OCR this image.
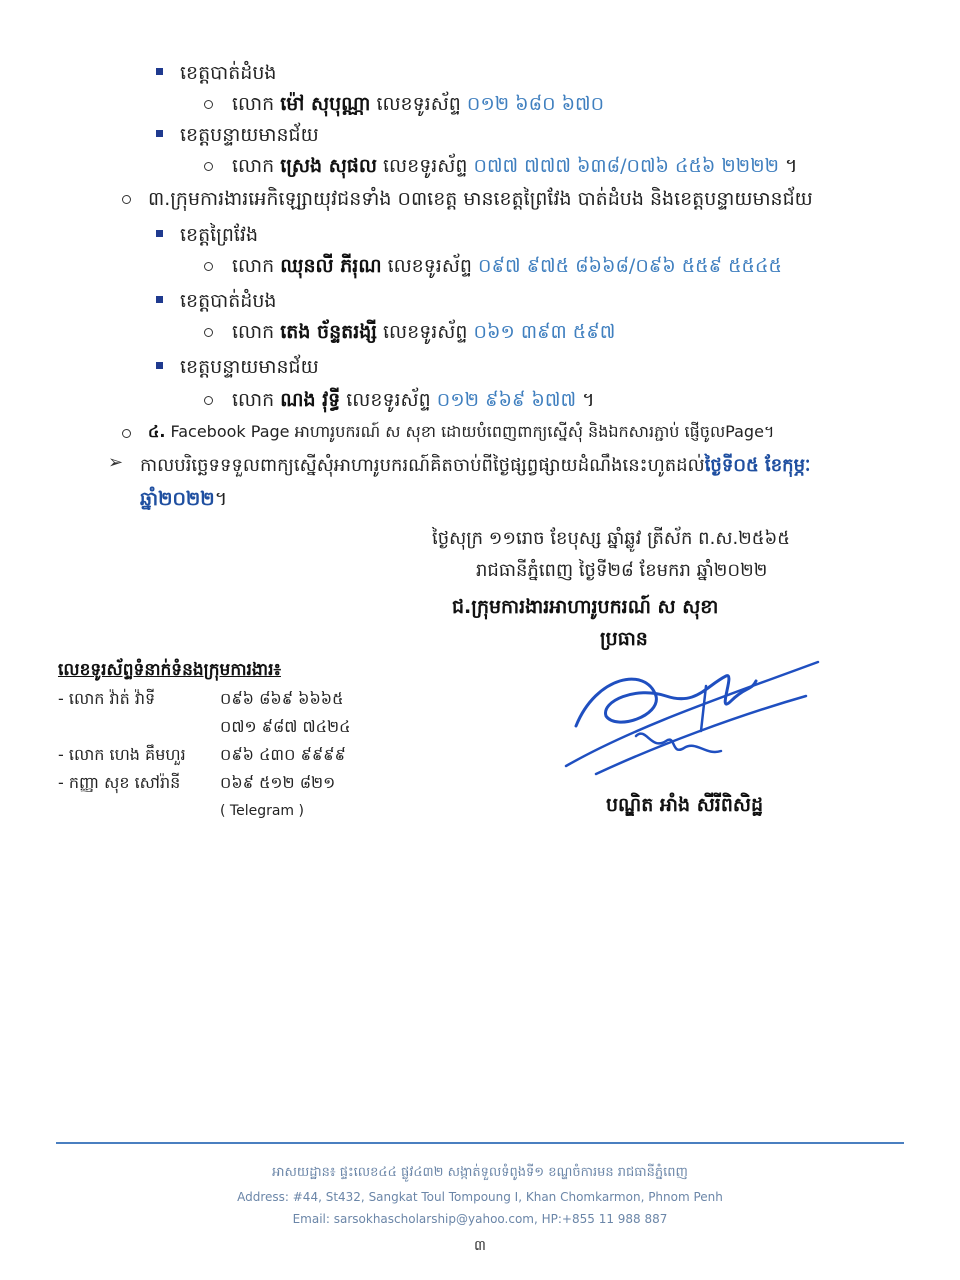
ខេត្តបាត់ដំបង
លោក ម៉ៅ សុបុណ្ណា លេខទូរស័ព្ទ ០១២ ៦៨០ ៦៧០
ខេត្តបន្ទាយមានជ័យ
លោក ស្រេង សុផល លេខទូរស័ព្ទ ០៧៧ ៧៧៧ ៦៣៨/០៧៦ ៤៥៦ ២២២២ ។
៣.ក្រុមការងារអេកិឡ្សោយុវជនទាំង ០៣ខេត្ត មានខេត្តព្រៃវែង បាត់ដំបង និងខេត្តបន្ទាយមានជ័យ
ខេត្តព្រៃវែង
លោក ឈុនលី ភីរុណ លេខទូរស័ព្ទ ០៩៧ ៩៧៥ ៨៦៦៨/០៩៦ ៥៥៩ ៥៥៤៥
ខេត្តបាត់ដំបង
លោក តេង ច័ន្ទតរង្សី លេខទូរស័ព្ទ ០៦១ ៣៩៣ ៥៩៧
ខេត្តបន្ទាយមានជ័យ
លោក ណង វុទ្ធី លេខទូរស័ព្ទ ០១២ ៩៦៩ ៦៧៧ ។
៤. Facebook Page អាហារូបករណ៍ ស សុខា ដោយបំពេញពាក្យស្នើសុំ និងឯកសារភ្ជាប់ ផ្ញើចូលPage។
➢ កាលបរិច្ឆេទទទួលពាក្យស្នើសុំអាហារូបករណ៍គិតចាប់ពីថ្ងៃផ្សព្វផ្សាយដំណឹងនេះហូតដល់ថ្ងៃទី០៥ ខែកុម្ភៈ
ឆ្នាំ២០២២។
ថ្ងៃសុក្រ ១១រោច ខែបុស្ស ឆ្នាំឆ្លូវ ត្រីស័ក ព.ស.២៥៦៥
រាជធានីភ្នំពេញ ថ្ងៃទី២៨ ខែមករា ឆ្នាំ២០២២
ជ.ក្រុមការងារអាហារូបករណ៍ ស សុខា
ប្រធាន
បណ្ឌិត អាំង សីរីពិសិដ្ឋ
លេខទូរស័ព្ទទំនាក់ទំនងក្រុមការងារ៖
- លោក វ៉ាត់ វ៉ាទី	០៩៦ ៨៦៩ ៦៦៦៥
០៧១ ៩៨៧ ៧៤២៤
- លោក ហេង គឹមហួរ ០៩៦ ៤៣០ ៩៩៩៩
- កញ្ញា សុខ សៅរ៉ានី ០៦៩ ៥១២ ៨២១
( Telegram )
អាសយដ្ឋាន៖ ផ្ទះលេខ៤៤ ផ្លូវ៤៣២ សង្កាត់ទួលទំពូងទី១ ខណ្ឌចំការមន រាជធានីភ្នំពេញ
Address: #44, St432, Sangkat Toul Tompoung I, Khan Chomkarmon, Phnom Penh
Email: sarsokhascholarship@yahoo.com, HP:+855 11 988 887
៣
